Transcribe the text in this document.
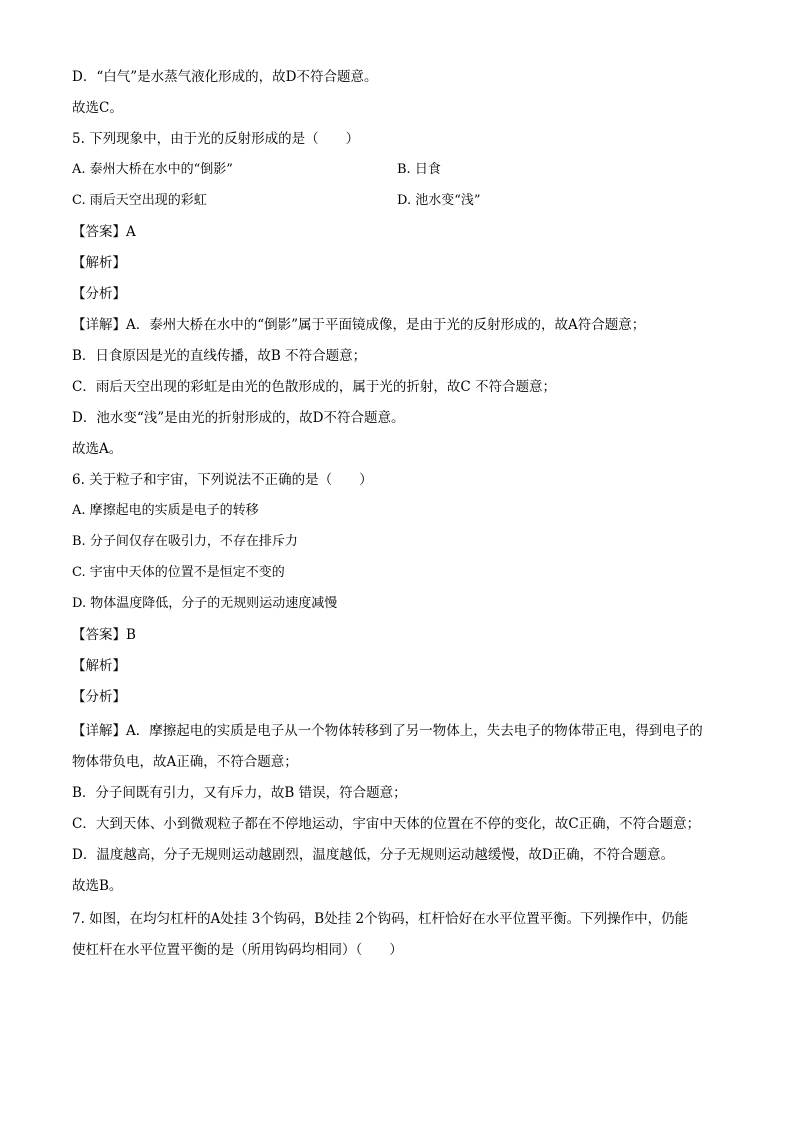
D．“白气”是水蒸气液化形成的，故D不符合题意。
故选C。
5. 下列现象中，由于光的反射形成的是（　　）
A. 泰州大桥在水中的“倒影”	B. 日食
C. 雨后天空出现的彩虹	D. 池水变“浅”
【答案】A
【解析】
【分析】
【详解】A．泰州大桥在水中的“倒影”属于平面镜成像，是由于光的反射形成的，故A符合题意；
B．日食原因是光的直线传播，故B 不符合题意；
C．雨后天空出现的彩虹是由光的色散形成的，属于光的折射，故C 不符合题意；
D．池水变“浅”是由光的折射形成的，故D不符合题意。
故选A。
6. 关于粒子和宇宙，下列说法不正确的是（　　）
A. 摩擦起电的实质是电子的转移
B. 分子间仅存在吸引力，不存在排斥力
C. 宇宙中天体的位置不是恒定不变的
D. 物体温度降低，分子的无规则运动速度减慢
【答案】B
【解析】
【分析】
【详解】A．摩擦起电的实质是电子从一个物体转移到了另一物体上，失去电子的物体带正电，得到电子的
物体带负电，故A正确，不符合题意；
B．分子间既有引力，又有斥力，故B 错误，符合题意；
C．大到天体、小到微观粒子都在不停地运动，宇宙中天体的位置在不停的变化，故C正确，不符合题意；
D．温度越高，分子无规则运动越剧烈，温度越低，分子无规则运动越缓慢，故D正确，不符合题意。
故选B。
7. 如图，在均匀杠杆的A处挂 3个钩码，B处挂 2个钩码，杠杆恰好在水平位置平衡。下列操作中，仍能
使杠杆在水平位置平衡的是（所用钩码均相同）（　　）
